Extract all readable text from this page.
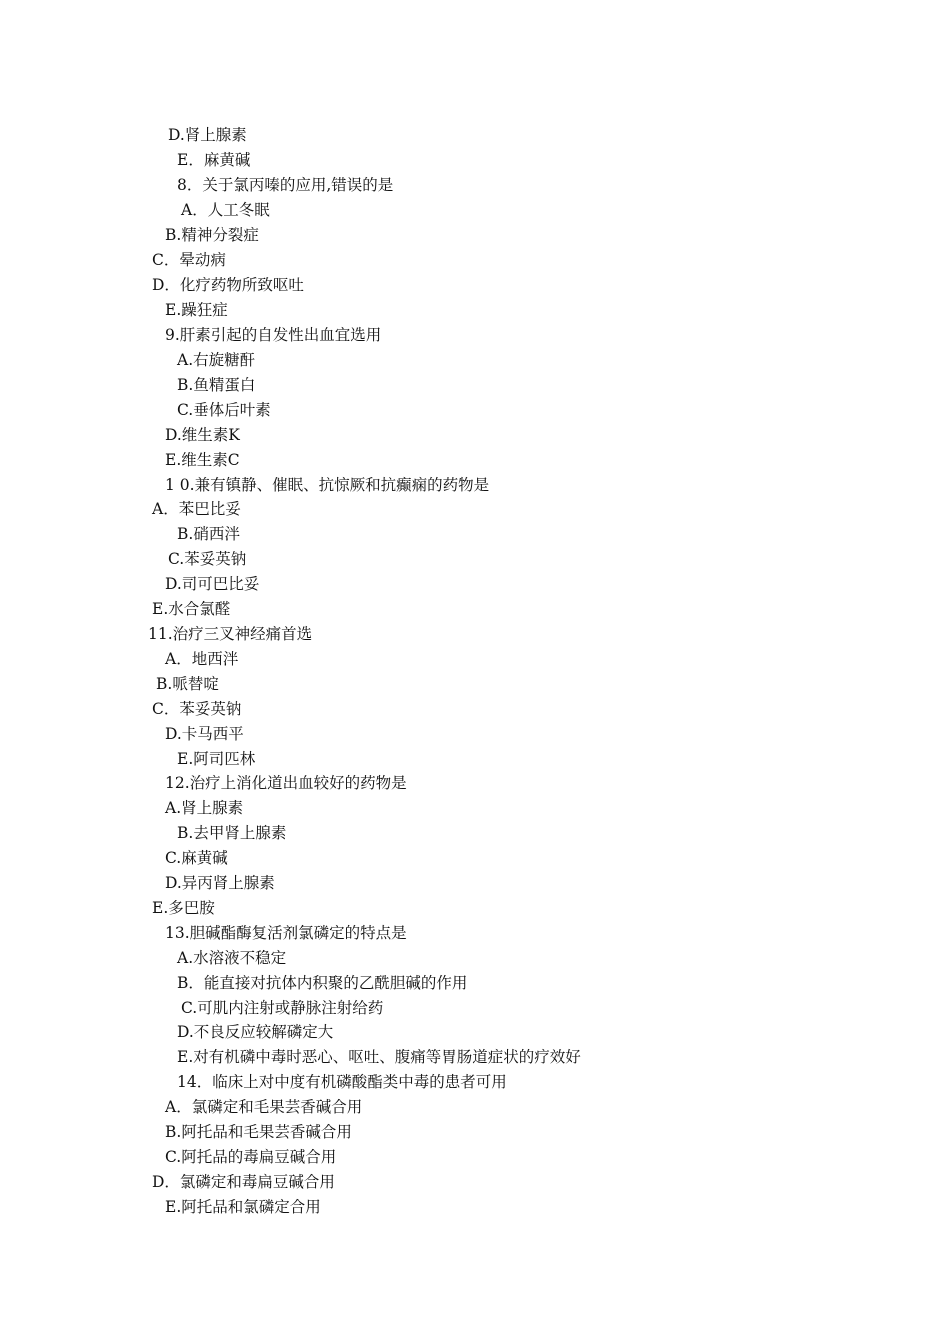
D.肾上腺素
E．麻黄碱
8．关于氯丙嗪的应用,错误的是
A．人工冬眠
B.精神分裂症
C．晕动病
D．化疗药物所致呕吐
E.躁狂症
9.肝素引起的自发性出血宜选用
A.右旋糖酐
B.鱼精蛋白
C.垂体后叶素
D.维生素K
E.维生素C
1 0.兼有镇静、催眠、抗惊厥和抗癫痫的药物是
A．苯巴比妥
B.硝西泮
C.苯妥英钠
D.司可巴比妥
E.水合氯醛
11.治疗三叉神经痛首选
A．地西泮
B.哌替啶
C．苯妥英钠
D.卡马西平
E.阿司匹林
12.治疗上消化道出血较好的药物是
A.肾上腺素
B.去甲肾上腺素
C.麻黄碱
D.异丙肾上腺素
E.多巴胺
13.胆碱酯酶复活剂氯磷定的特点是
A.水溶液不稳定
B．能直接对抗体内积聚的乙酰胆碱的作用
C.可肌内注射或静脉注射给药
D.不良反应较解磷定大
E.对有机磷中毒时恶心、呕吐、腹痛等胃肠道症状的疗效好
14．临床上对中度有机磷酸酯类中毒的患者可用
A．氯磷定和毛果芸香碱合用
B.阿托品和毛果芸香碱合用
C.阿托品的毒扁豆碱合用
D．氯磷定和毒扁豆碱合用
E.阿托品和氯磷定合用
